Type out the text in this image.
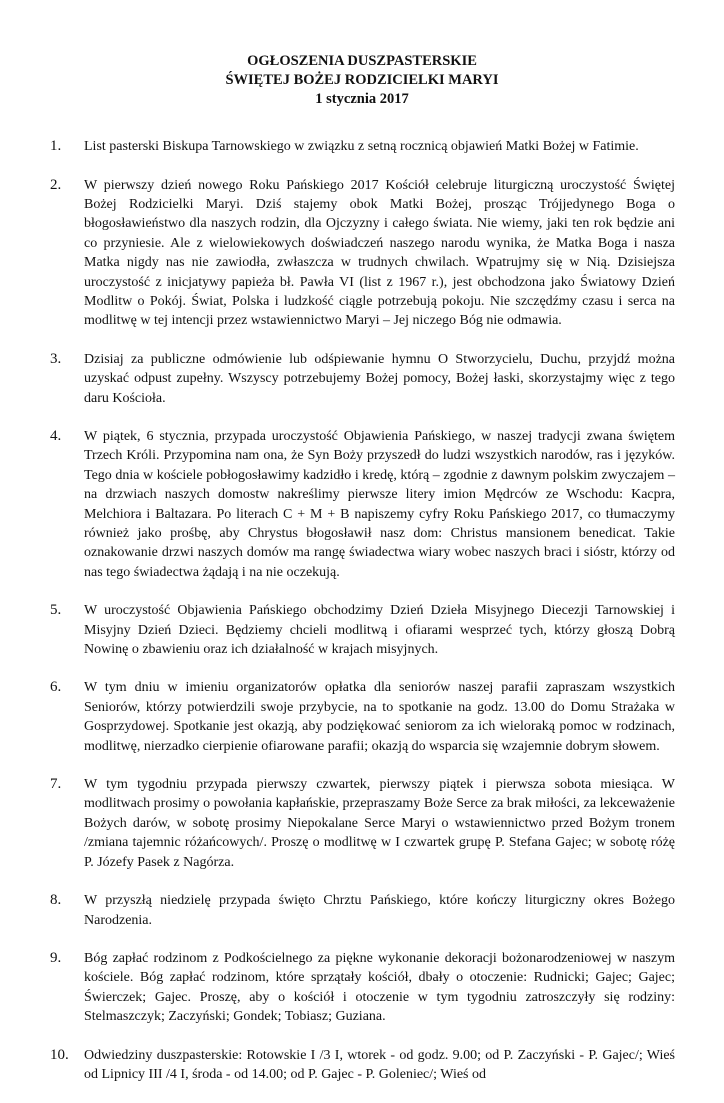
OGŁOSZENIA DUSZPASTERSKIE
ŚWIĘTEJ BOŻEJ RODZICIELKI MARYI
1 stycznia 2017
1.	List pasterski Biskupa Tarnowskiego w związku z setną rocznicą objawień Matki Bożej w Fatimie.
2.	W pierwszy dzień nowego Roku Pańskiego 2017 Kościół celebruje liturgiczną uroczystość Świętej Bożej Rodzicielki Maryi. Dziś stajemy obok Matki Bożej, prosząc Trójjedynego Boga o błogosławieństwo dla naszych rodzin, dla Ojczyzny i całego świata. Nie wiemy, jaki ten rok będzie ani co przyniesie. Ale z wielowiekowych doświadczeń naszego narodu wynika, że Matka Boga i nasza Matka nigdy nas nie zawiodła, zwłaszcza w trudnych chwilach. Wpatrujmy się w Nią. Dzisiejsza uroczystość z inicjatywy papieża bł. Pawła VI (list z 1967 r.), jest obchodzona jako Światowy Dzień Modlitw o Pokój. Świat, Polska i ludzkość ciągle potrzebują pokoju. Nie szczędźmy czasu i serca na modlitwę w tej intencji przez wstawiennictwo Maryi – Jej niczego Bóg nie odmawia.
3.	Dzisiaj za publiczne odmówienie lub odśpiewanie hymnu O Stworzycielu, Duchu, przyjdź można uzyskać odpust zupełny. Wszyscy potrzebujemy Bożej pomocy, Bożej łaski, skorzystajmy więc z tego daru Kościoła.
4.	W piątek, 6 stycznia, przypada uroczystość Objawienia Pańskiego, w naszej tradycji zwana świętem Trzech Króli. Przypomina nam ona, że Syn Boży przyszedł do ludzi wszystkich narodów, ras i języków. Tego dnia w kościele pobłogosławimy kadzidło i kredę, którą – zgodnie z dawnym polskim zwyczajem – na drzwiach naszych domostw nakreślimy pierwsze litery imion Mędrców ze Wschodu: Kacpra, Melchiora i Baltazara. Po literach C + M + B napiszemy cyfry Roku Pańskiego 2017, co tłumaczymy również jako prośbę, aby Chrystus błogosławił nasz dom: Christus mansionem benedicat. Takie oznakowanie drzwi naszych domów ma rangę świadectwa wiary wobec naszych braci i sióstr, którzy od nas tego świadectwa żądają i na nie oczekują.
5.	W uroczystość Objawienia Pańskiego obchodzimy Dzień Dzieła Misyjnego Diecezji Tarnowskiej i Misyjny Dzień Dzieci. Będziemy chcieli modlitwą i ofiarami wesprzeć tych, którzy głoszą Dobrą Nowinę o zbawieniu oraz ich działalność w krajach misyjnych.
6.	W tym dniu w imieniu organizatorów opłatka dla seniorów naszej parafii zapraszam wszystkich Seniorów, którzy potwierdzili swoje przybycie, na to spotkanie na godz. 13.00 do Domu Strażaka w Gosprzydowej. Spotkanie jest okazją, aby podziękować seniorom za ich wieloraką pomoc w rodzinach, modlitwę, nierzadko cierpienie ofiarowane parafii; okazją do wsparcia się wzajemnie dobrym słowem.
7.	W tym tygodniu przypada pierwszy czwartek, pierwszy piątek i pierwsza sobota miesiąca. W modlitwach prosimy o powołania kapłańskie, przepraszamy Boże Serce za brak miłości, za lekceważenie Bożych darów, w sobotę prosimy Niepokalane Serce Maryi o wstawiennictwo przed Bożym tronem /zmiana tajemnic różańcowych/. Proszę o modlitwę w I czwartek grupę P. Stefana Gajec; w sobotę różę P. Józefy Pasek z Nagórza.
8.	W przyszłą niedzielę przypada święto Chrztu Pańskiego, które kończy liturgiczny okres Bożego Narodzenia.
9.	Bóg zapłać rodzinom z Podkościelnego za piękne wykonanie dekoracji bożonarodzeniowej w naszym kościele. Bóg zapłać rodzinom, które sprzątały kościół, dbały o otoczenie: Rudnicki; Gajec; Gajec; Świerczek; Gajec. Proszę, aby o kościół i otoczenie w tym tygodniu zatroszczyły się rodziny: Stelmaszczyk; Zaczyński; Gondek; Tobiasz; Guziana.
10.	Odwiedziny duszpasterskie: Rotowskie I /3 I, wtorek - od godz. 9.00; od P. Zaczyński - P. Gajec/; Wieś od Lipnicy III /4 I, środa - od 14.00; od P. Gajec - P. Goleniec/; Wieś od
